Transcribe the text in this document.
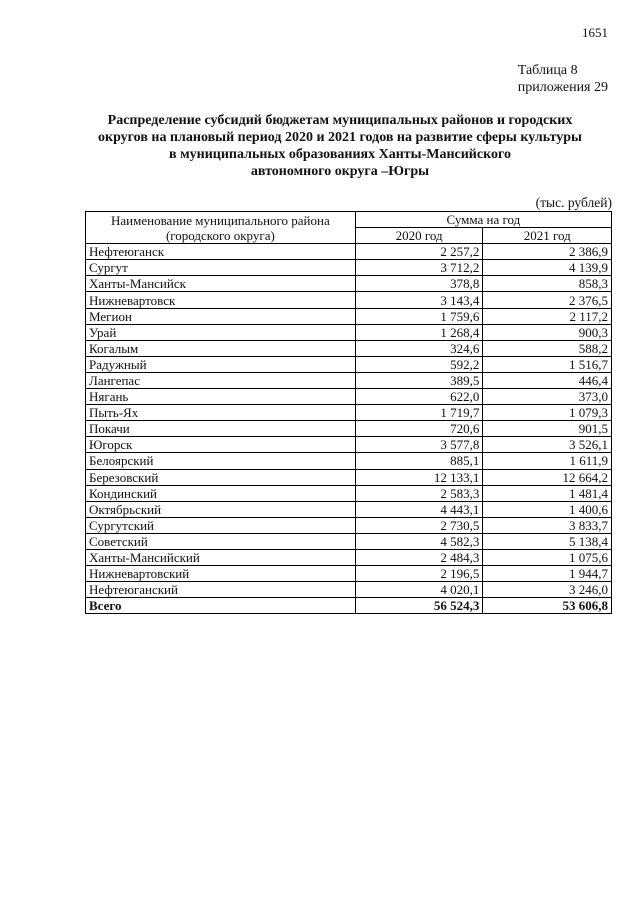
1651
Таблица 8
приложения 29
Распределение субсидий бюджетам муниципальных районов и городских
округов на плановый период 2020 и 2021 годов на развитие сферы культуры
в муниципальных образованиях Ханты-Мансийского
автономного округа –Югры
(тыс. рублей)
Наименование муниципального района
(городского округа)	Сумма на год	
	2020 год	2021 год
Нефтеюганск	2 257,2	2 386,9
Сургут	3 712,2	4 139,9
Ханты-Мансийск	378,8	858,3
Нижневартовск	3 143,4	2 376,5
Мегион	1 759,6	2 117,2
Урай	1 268,4	900,3
Когалым	324,6	588,2
Радужный	592,2	1 516,7
Лангепас	389,5	446,4
Нягань	622,0	373,0
Пыть-Ях	1 719,7	1 079,3
Покачи	720,6	901,5
Югорск	3 577,8	3 526,1
Белоярский	885,1	1 611,9
Березовский	12 133,1	12 664,2
Кондинский	2 583,3	1 481,4
Октябрьский	4 443,1	1 400,6
Сургутский	2 730,5	3 833,7
Советский	4 582,3	5 138,4
Ханты-Мансийский	2 484,3	1 075,6
Нижневартовский	2 196,5	1 944,7
Нефтеюганский	4 020,1	3 246,0
Всего	56 524,3	53 606,8
